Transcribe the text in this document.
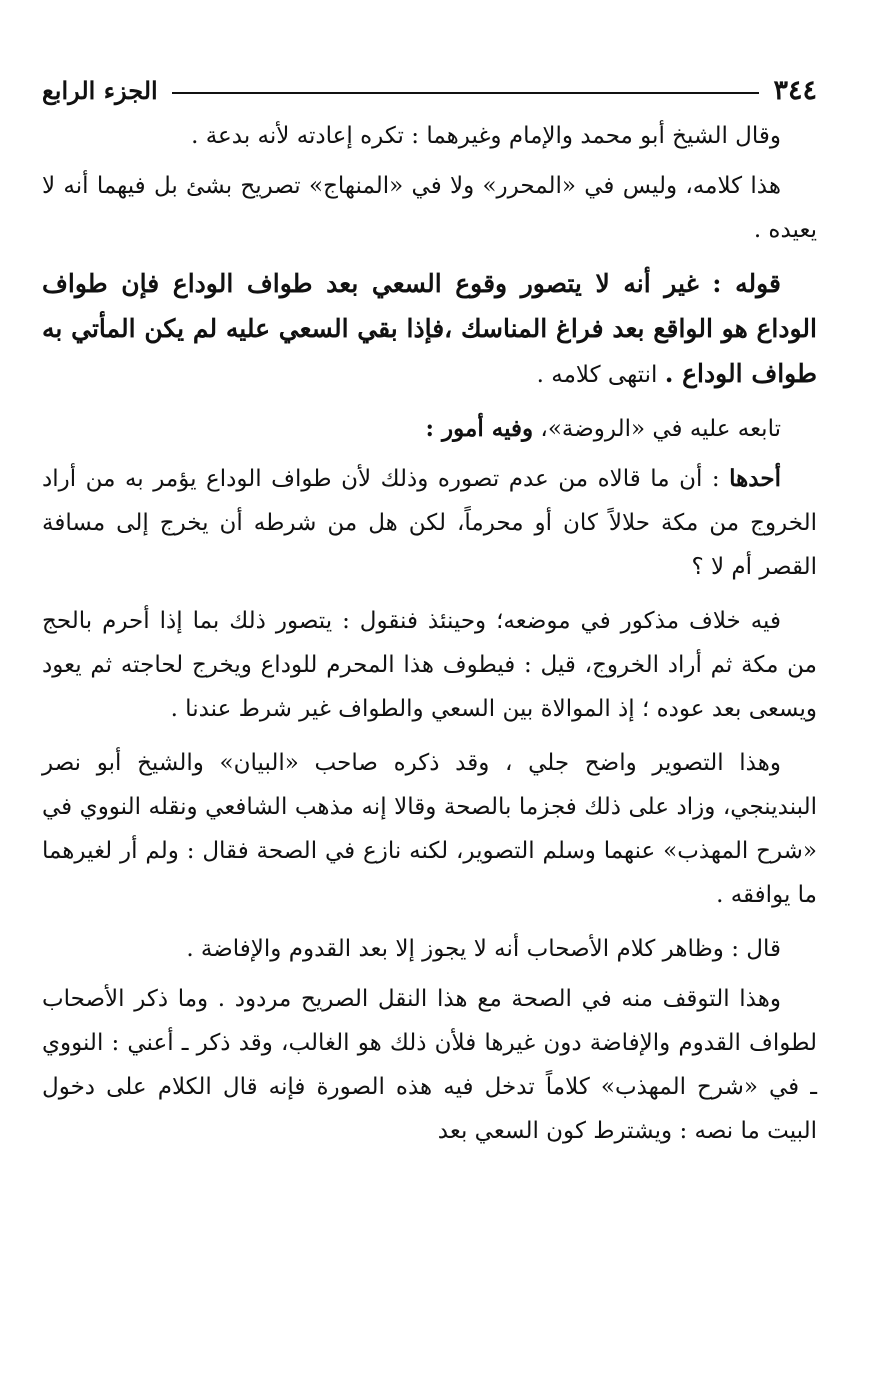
٣٤٤
الجزء الرابع

وقال الشيخ أبو محمد والإمام وغيرهما : تكره إعادته لأنه بدعة .

هذا كلامه، وليس في «المحرر» ولا في «المنهاج» تصريح بشئ بل فيهما أنه لا يعيده .

قوله : غير أنه لا يتصور وقوع السعي بعد طواف الوداع فإن طواف الوداع هو الواقع بعد فراغ المناسك ،فإذا بقي السعي عليه لم يكن المأتي به طواف الوداع . انتهى كلامه .

تابعه عليه في «الروضة»، وفيه أمور :

أحدها : أن ما قالاه من عدم تصوره وذلك لأن طواف الوداع يؤمر به من أراد الخروج من مكة حلالاً كان أو محرماً، لكن هل من شرطه أن يخرج إلى مسافة القصر أم لا ؟

فيه خلاف مذكور في موضعه؛ وحينئذ فنقول : يتصور ذلك بما إذا أحرم بالحج من مكة ثم أراد الخروج، قيل : فيطوف هذا المحرم للوداع ويخرج لحاجته ثم يعود ويسعى بعد عوده ؛ إذ الموالاة بين السعي والطواف غير شرط عندنا .

وهذا التصوير واضح جلي ، وقد ذكره صاحب «البيان» والشيخ أبو نصر البندينجي، وزاد على ذلك فجزما بالصحة وقالا إنه مذهب الشافعي ونقله النووي في «شرح المهذب» عنهما وسلم التصوير، لكنه نازع في الصحة فقال : ولم أر لغيرهما ما يوافقه .

قال : وظاهر كلام الأصحاب أنه لا يجوز إلا بعد القدوم والإفاضة .

وهذا التوقف منه في الصحة مع هذا النقل الصريح مردود . وما ذكر الأصحاب لطواف القدوم والإفاضة دون غيرها فلأن ذلك هو الغالب، وقد ذكر ـ أعني : النووي ـ في «شرح المهذب» كلاماً تدخل فيه هذه الصورة فإنه قال الكلام على دخول البيت ما نصه : ويشترط كون السعي بعد
